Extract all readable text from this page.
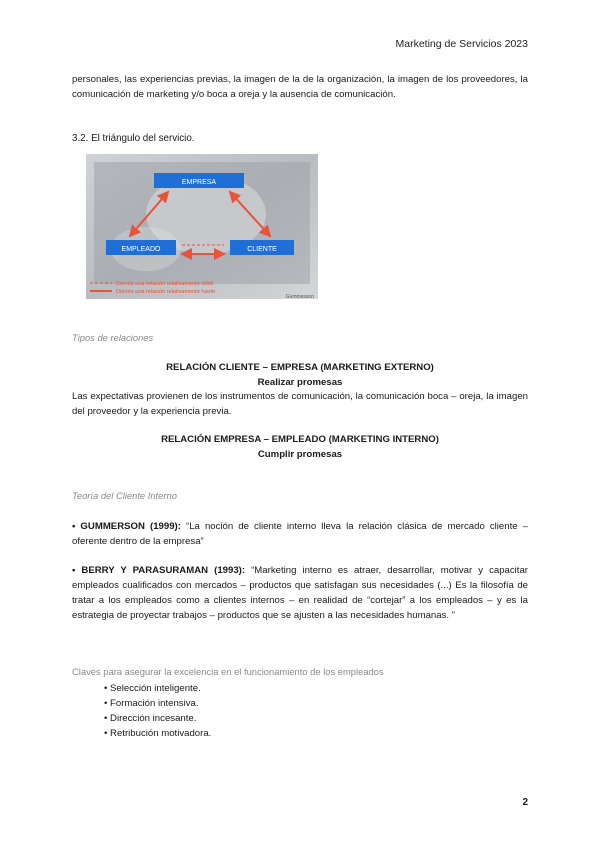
Marketing de Servicios 2023
personales, las experiencias previas, la imagen de la de la organización, la imagen de los proveedores, la comunicación de marketing y/o boca a oreja y la ausencia de comunicación.
3.2. El triángulo del servicio.
EMPRESA
EMPLEADO	CLIENTE
Denota una relación relativamente débil
Denota una relación relativamente fuerte
Gummesson
Tipos de relaciones
RELACIÓN CLIENTE – EMPRESA (MARKETING EXTERNO)
Realizar promesas
Las expectativas provienen de los instrumentos de comunicación, la comunicación boca – oreja, la imagen del proveedor y la experiencia previa.
RELACIÓN EMPRESA – EMPLEADO (MARKETING INTERNO)
Cumplir promesas
Teoría del Cliente Interno
• GUMMERSON (1999): “La noción de cliente interno lleva la relación clásica de mercado cliente – oferente dentro de la empresa”
• BERRY Y PARASURAMAN (1993): “Marketing interno es atraer, desarrollar, motivar y capacitar empleados cualificados con mercados – productos que satisfagan sus necesidades (...) Es la filosofía de tratar a los empleados como a clientes internos – en realidad de “cortejar” a los empleados – y es la estrategia de proyectar trabajos – productos que se ajusten a las necesidades humanas. ”
Claves para asegurar la excelencia en el funcionamiento de los empleados
• Selección inteligente.
• Formación intensiva.
• Dirección incesante.
• Retribución motivadora.
2
